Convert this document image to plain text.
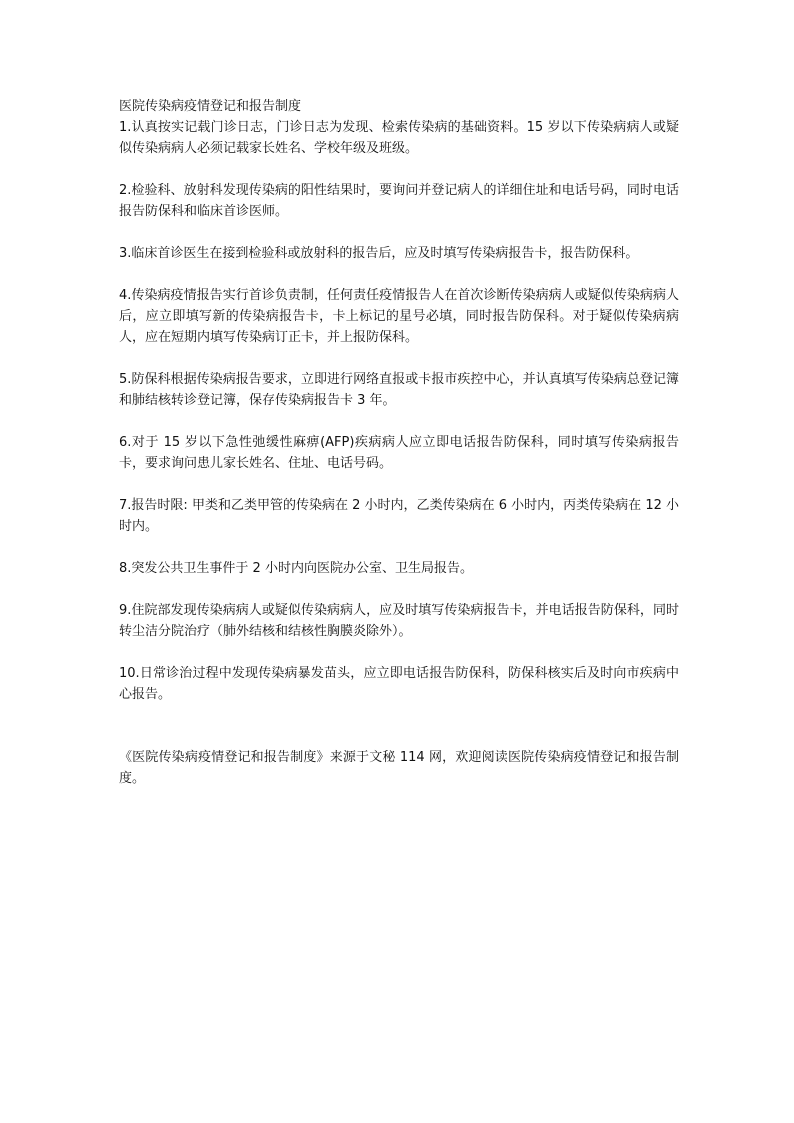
医院传染病疫情登记和报告制度

1.认真按实记载门诊日志，门诊日志为发现、检索传染病的基础资料。15 岁以下传染病病人或疑似传染病病人必须记载家长姓名、学校年级及班级。

2.检验科、放射科发现传染病的阳性结果时，要询问并登记病人的详细住址和电话号码，同时电话报告防保科和临床首诊医师。

3.临床首诊医生在接到检验科或放射科的报告后，应及时填写传染病报告卡，报告防保科。

4.传染病疫情报告实行首诊负责制，任何责任疫情报告人在首次诊断传染病病人或疑似传染病病人后，应立即填写新的传染病报告卡，卡上标记的星号必填，同时报告防保科。对于疑似传染病病人，应在短期内填写传染病订正卡，并上报防保科。

5.防保科根据传染病报告要求，立即进行网络直报或卡报市疾控中心，并认真填写传染病总登记簿和肺结核转诊登记簿，保存传染病报告卡 3 年。

6.对于 15 岁以下急性弛缓性麻痹(AFP)疾病病人应立即电话报告防保科，同时填写传染病报告卡，要求询问患儿家长姓名、住址、电话号码。

7.报告时限: 甲类和乙类甲管的传染病在 2 小时内，乙类传染病在 6 小时内，丙类传染病在 12 小时内。

8.突发公共卫生事件于 2 小时内向医院办公室、卫生局报告。

9.住院部发现传染病病人或疑似传染病病人，应及时填写传染病报告卡，并电话报告防保科，同时转尘洁分院治疗（肺外结核和结核性胸膜炎除外）。

10.日常诊治过程中发现传染病暴发苗头，应立即电话报告防保科，防保科核实后及时向市疾病中心报告。

《医院传染病疫情登记和报告制度》来源于文秘 114 网，欢迎阅读医院传染病疫情登记和报告制度。
